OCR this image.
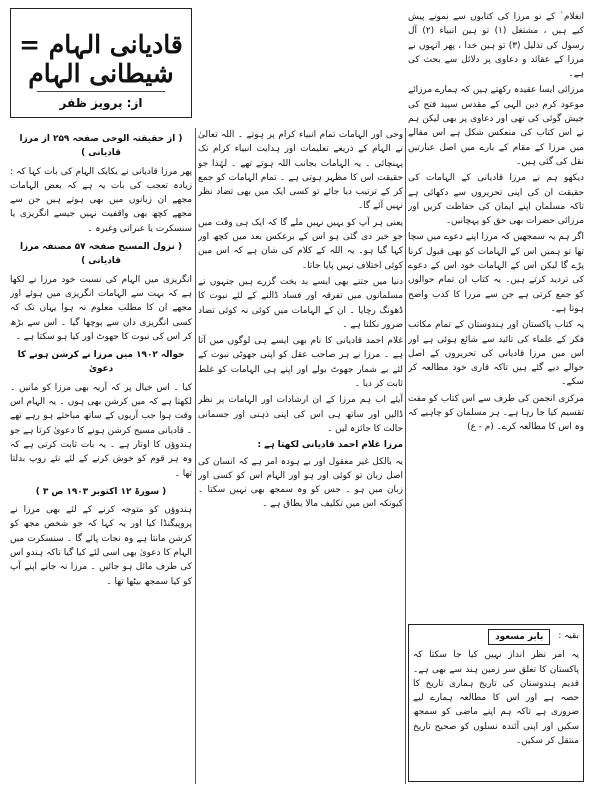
قادیانی الہام = شیطانی الہام
از: پرویز ظفر

انغلام ٰ کے نو مرزا کی کتابوں سے نمونے پیش کیے ہیں ، مشتغل (۱) تو ہین انبیاء (۲) آل رسول کی تذلیل (۳) تو ہین خدا ، پھر انہوں نے مرزا کے عقائد و دعاوی پر دلائل سے بحث کی ہے۔

مرزائی ایسا عقیدہ رکھتے ہیں کہ ہمارے مرزائے موعود کرم دین الہی کے مقدس سپید فتح کی جیش گوئی کی تھی اور دعاوی پر بھی لیکن ہم نے اس کتاب کی منعکس شکل ہے اس مقالے میں مرزا کے مقام کے بارے میں اصل عبارتیں نقل کی گئی ہیں۔

دیکھو ہم نے مرزا قادیانی کے الہامات کی حقیقت ان کی اپنی تحریروں سے دکھائی ہے تاکہ مسلمان اپنے ایمان کی حفاظت کریں اور مرزائی حضرات بھی حق کو پہچانیں۔

اگر ہم یہ سمجھیں کہ مرزا اپنے دعوے میں سچا تھا تو ہمیں اس کے الہامات کو بھی قبول کرنا پڑے گا لیکن اس کے الہامات خود اس کے دعوے کی تردید کرتے ہیں۔ یہ کتاب ان تمام حوالوں کو جمع کرتی ہے جن سے مرزا کا کذب واضح ہوتا ہے۔

یہ کتاب پاکستان اور ہندوستان کے تمام مکاتب فکر کے علماء کی تائید سے شائع ہوئی ہے اور اس میں مرزا قادیانی کی تحریروں کے اصل حوالے دیے گئے ہیں تاکہ قاری خود مطالعہ کر سکے۔

مرکزی انجمن کی طرف سے اس کتاب کو مفت تقسیم کیا جا رہا ہے۔ ہر مسلمان کو چاہیے کہ وہ اس کا مطالعہ کرے۔ (م - ع)

بقیہ :
بابر مسعود
یہ امر نظر انداز نہیں کیا جا سکتا کہ پاکستان کا تعلق سر زمین ہند سے بھی ہے۔ قدیم ہندوستان کی تاریخ ہماری تاریخ کا حصہ ہے اور اس کا مطالعہ ہمارے لیے ضروری ہے تاکہ ہم اپنے ماضی کو سمجھ سکیں اور اپنی آئندہ نسلوں کو صحیح تاریخ منتقل کر سکیں۔

وحی اور الہامات تمام انبیاء کرام پر ہوتے ۔ اللہ تعالیٰ نے الہام کے ذریعے تعلیمات اور ہدایت انبیاء کرام تک پہنچائی ۔ یہ الہامات بجانب اللہ ہوتے تھے ۔ لہٰذا جو حقیقت اس کا مظہر ہوتی ہے ۔ تمام الہامات کو جمع کر کے ترتیب دیا جائے تو کسی ایک میں بھی تضاد نظر نہیں آئے گا۔

یعنی ہر آپ کو یہیں نہیں ملے گا کہ ایک ہی وقت میں جو خبر دی گئی ہو اس کے برعکس بعد میں کچھ اور کہا گیا ہو۔ یہ اللہ کے کلام کی شان ہے کہ اس میں کوئی اختلاف نہیں پایا جاتا۔

دنیا میں جتنے بھی ایسے بد بخت گزرے ہیں جنہوں نے مسلمانوں میں تفرقہ اور فساد ڈالنے کے لئے نبوت کا ڈھونگ رچایا ۔ ان کے الہامات میں کوئی نہ کوئی تضاد ضرور نکلتا ہے ۔

غلام احمد قادیانی کا نام بھی ایسے ہی لوگوں میں آتا ہے ۔ مرزا نے ہر صاحب عقل کو اپنی جھوٹی نبوت کے لئے بے شمار جھوٹ بولے اور اپنے ہی الہامات کو غلط ثابت کر دیا ۔

آیئے اب ہم مرزا کے ان ارشادات اور الہامات پر نظر ڈالیں اور ساتھ ہی اس کی اپنی ذہنی اور جسمانی حالت کا جائزہ لیں ۔

مرزا غلام احمد قادیانی لکھتا ہے :

یہ بالکل غیر معقول اور بے ہودہ امر ہے کہ انسان کی اصل زبان تو کوئی اور ہو اور الہام اس کو کسی اور زبان میں ہو ۔ جس کو وہ سمجھ بھی نہیں سکتا ۔ کیونکہ اس میں تکلیف مالا یطاق ہے ۔

( از حقیقتہ الوحی صفحہ ۲۵۹ از مرزا قادیانی )

پھر مرزا قادیانی نے یکایک الہام کی بات کہا کہ : زیادہ تعجب کی بات یہ ہے کہ بعض الہامات مجھے ان زبانوں میں بھی ہوتے ہیں جن سے مجھے کچھ بھی واقفیت نہیں جیسے انگریزی یا سنسکرت یا عبرانی وغیرہ ۔

( نزول المسیح صفحہ ۵۷ مصنفہ مرزا قادیانی )

انگریزی میں الہام کی نسبت خود مرزا نے لکھا ہے کہ بہت سے الہامات انگریزی میں ہوئے اور مجھے ان کا مطلب معلوم نہ ہوا یہاں تک کہ کسی انگریزی دان سے پوچھا گیا ۔ اس سے بڑھ کر اس کی نبوت کا جھوٹ اور کیا ہو سکتا ہے ۔

حوالہ ۱۹۰۲ میں مرزا نے کرشن ہونے کا دعویٰ

کیا ۔ اس خیال پر کہ آریہ بھی مرزا کو مانیں ۔ لکھتا ہے کہ میں کرشن بھی ہوں ۔ یہ الہام اس وقت ہوا جب آریوں کے ساتھ مباحثے ہو رہے تھے ۔ قادیانی مسیح کرشن ہونے کا دعویٰ کرتا ہے جو ہندوؤں کا اوتار ہے ۔ یہ بات ثابت کرتی ہے کہ وہ ہر قوم کو خوش کرنے کے لئے نئے روپ بدلتا تھا ۔

( سورۃ ۱۲ اکتوبر ۱۹۰۳ ص ۳ )

ہندوؤں کو متوجہ کرنے کے لئے بھی مرزا نے پروپیگنڈا کیا اور یہ کہا کہ جو شخص مجھ کو کرشن مانتا ہے وہ نجات پائے گا ۔ سنسکرت میں الہام کا دعویٰ بھی اسی لئے کیا گیا تاکہ ہندو اس کی طرف مائل ہو جائیں ۔ مرزا نہ جانے اپنے آپ کو کیا سمجھ بیٹھا تھا ۔
